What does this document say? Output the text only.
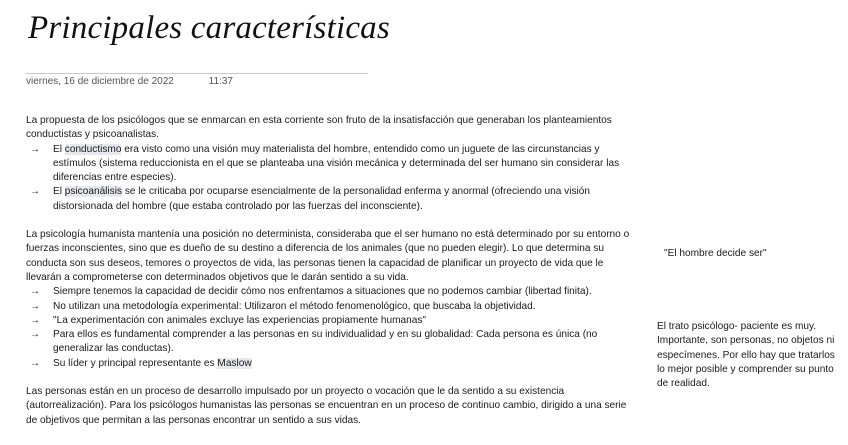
Principales características
viernes, 16 de diciembre de 2022	11:37

La propuesta de los psicólogos que se enmarcan en esta corriente son fruto de la insatisfacción que generaban los planteamientos conductistas y psicoanalistas.

→ El conductismo era visto como una visión muy materialista del hombre, entendido como un juguete de las circunstancias y estímulos (sistema reduccionista en el que se planteaba una visión mecánica y determinada del ser humano sin considerar las diferencias entre especies).
→ El psicoanálisis se le criticaba por ocuparse esencialmente de la personalidad enferma y anormal (ofreciendo una visión distorsionada del hombre (que estaba controlado por las fuerzas del inconsciente).

La psicología humanista mantenía una posición no determinista, consideraba que el ser humano no está determinado por su entorno o fuerzas inconscientes, sino que es dueño de su destino a diferencia de los animales (que no pueden elegir). Lo que determina su conducta son sus deseos, temores o proyectos de vida, las personas tienen la capacidad de planificar un proyecto de vida que le llevarán a comprometerse con determinados objetivos que le darán sentido a su vida.

→ Siempre tenemos la capacidad de decidir cómo nos enfrentamos a situaciones que no podemos cambiar (libertad finita).
→ No utilizan una metodología experimental: Utilizaron el método fenomenológico, que buscaba la objetividad.
→ "La experimentación con animales excluye las experiencias propiamente humanas"
→ Para ellos es fundamental comprender a las personas en su individualidad y en su globalidad: Cada persona es única (no generalizar las conductas).
→ Su líder y principal representante es Maslow

Las personas están en un proceso de desarrollo impulsado por un proyecto o vocación que le da sentido a su existencia (autorrealización). Para los psicólogos humanistas las personas se encuentran en un proceso de continuo cambio, dirigido a una serie de objetivos que permitan a las personas encontrar un sentido a sus vidas.

"El hombre decide ser"
El trato psicólogo- paciente es muy. Importante, son personas, no objetos ni especímenes. Por ello hay que tratarlos lo mejor posible y comprender su punto de realidad.
